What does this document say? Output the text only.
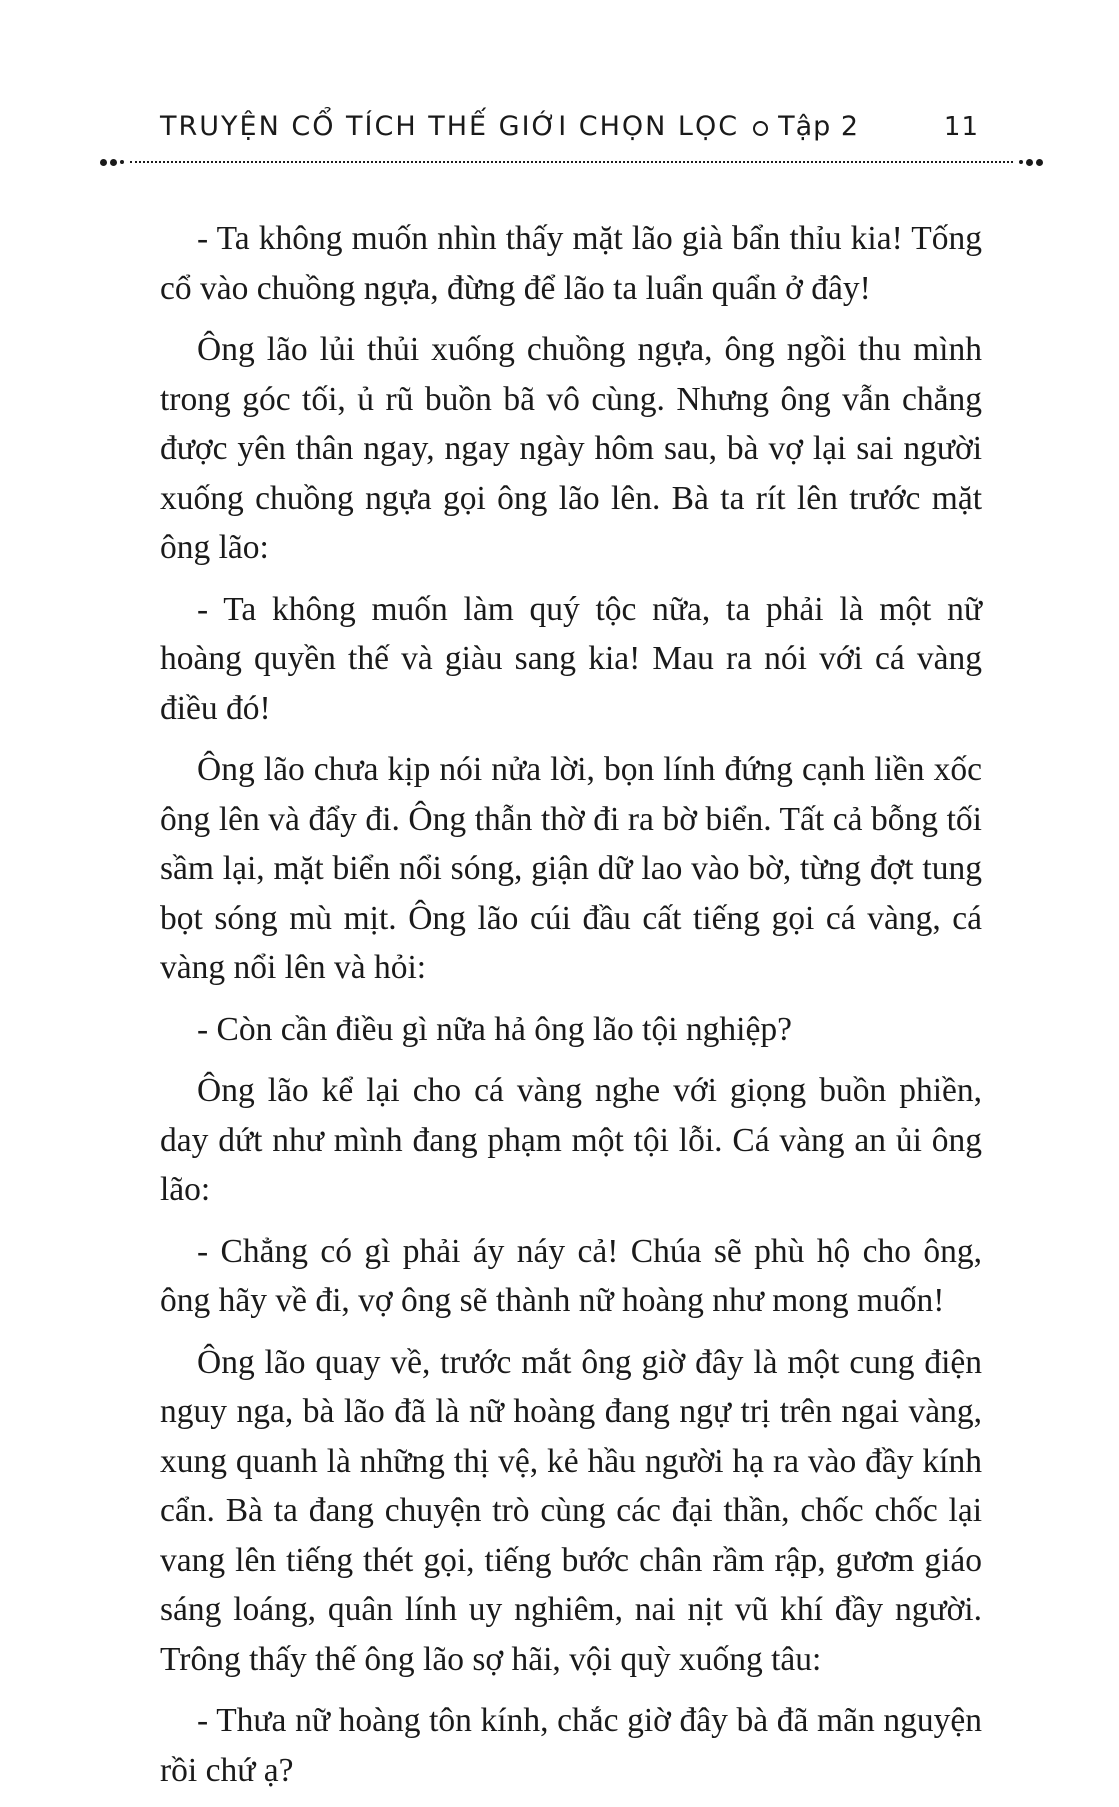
TRUYỆN CỔ TÍCH THẾ GIỚI CHỌN LỌC Tập 2	11

- Ta không muốn nhìn thấy mặt lão già bẩn thỉu kia! Tống cổ vào chuồng ngựa, đừng để lão ta luẩn quẩn ở đây!

Ông lão lủi thủi xuống chuồng ngựa, ông ngồi thu mình trong góc tối, ủ rũ buồn bã vô cùng. Nhưng ông vẫn chẳng được yên thân ngay, ngay ngày hôm sau, bà vợ lại sai người xuống chuồng ngựa gọi ông lão lên. Bà ta rít lên trước mặt ông lão:

- Ta không muốn làm quý tộc nữa, ta phải là một nữ hoàng quyền thế và giàu sang kia! Mau ra nói với cá vàng điều đó!

Ông lão chưa kịp nói nửa lời, bọn lính đứng cạnh liền xốc ông lên và đẩy đi. Ông thẫn thờ đi ra bờ biển. Tất cả bỗng tối sầm lại, mặt biển nổi sóng, giận dữ lao vào bờ, từng đợt tung bọt sóng mù mịt. Ông lão cúi đầu cất tiếng gọi cá vàng, cá vàng nổi lên và hỏi:

- Còn cần điều gì nữa hả ông lão tội nghiệp?

Ông lão kể lại cho cá vàng nghe với giọng buồn phiền, day dứt như mình đang phạm một tội lỗi. Cá vàng an ủi ông lão:

- Chẳng có gì phải áy náy cả! Chúa sẽ phù hộ cho ông, ông hãy về đi, vợ ông sẽ thành nữ hoàng như mong muốn!

Ông lão quay về, trước mắt ông giờ đây là một cung điện nguy nga, bà lão đã là nữ hoàng đang ngự trị trên ngai vàng, xung quanh là những thị vệ, kẻ hầu người hạ ra vào đầy kính cẩn. Bà ta đang chuyện trò cùng các đại thần, chốc chốc lại vang lên tiếng thét gọi, tiếng bước chân rầm rập, gươm giáo sáng loáng, quân lính uy nghiêm, nai nịt vũ khí đầy người. Trông thấy thế ông lão sợ hãi, vội quỳ xuống tâu:

- Thưa nữ hoàng tôn kính, chắc giờ đây bà đã mãn nguyện rồi chứ ạ?
